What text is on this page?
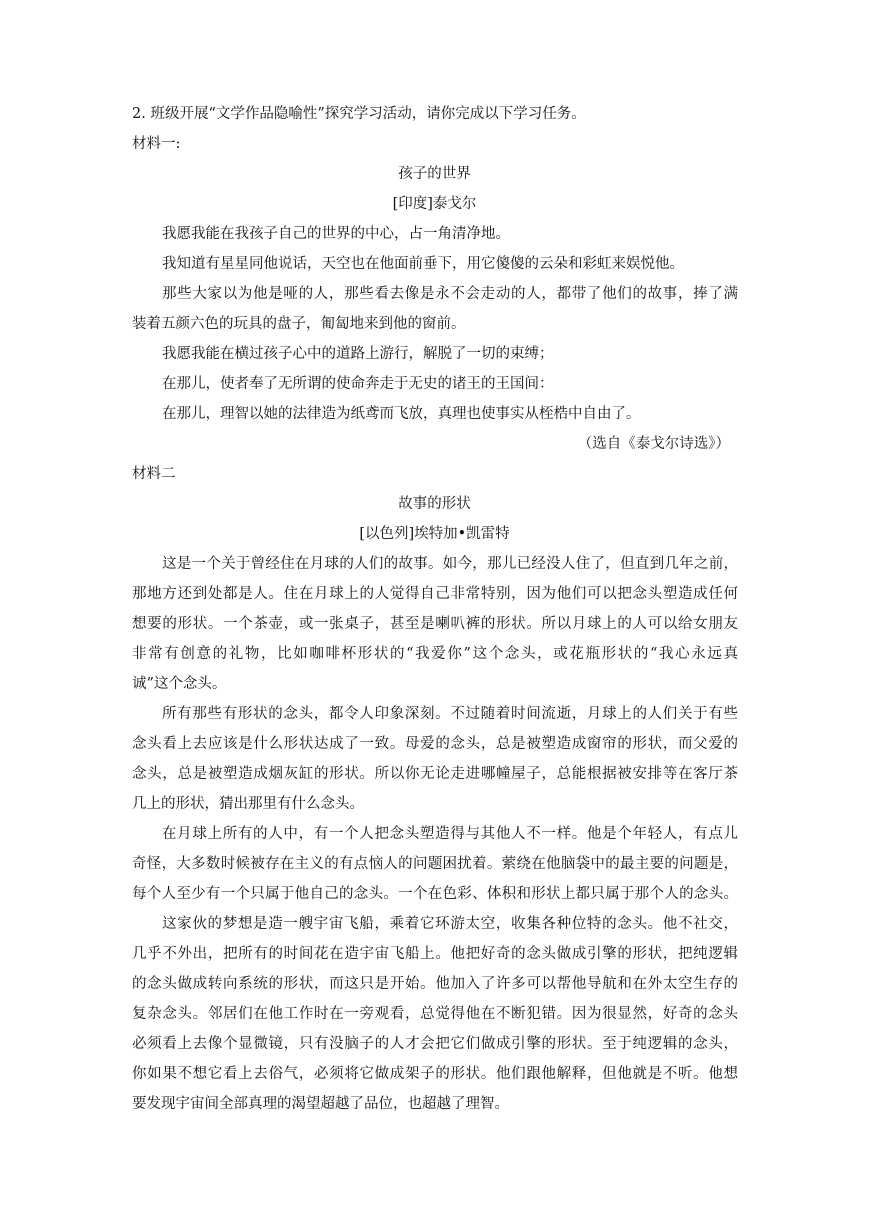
2. 班级开展“文学作品隐喻性”探究学习活动，请你完成以下学习任务。
材料一:
孩子的世界
[印度]泰戈尔
我愿我能在我孩子自己的世界的中心，占一角清净地。
我知道有星星同他说话，天空也在他面前垂下，用它傻傻的云朵和彩虹来娱悦他。
那些大家以为他是哑的人，那些看去像是永不会走动的人，都带了他们的故事，捧了满
装着五颜六色的玩具的盘子，匍匐地来到他的窗前。
我愿我能在横过孩子心中的道路上游行，解脱了一切的束缚；
在那儿，使者奉了无所谓的使命奔走于无史的诸王的王国间：
在那儿，理智以她的法律造为纸鸢而飞放，真理也使事实从桎梏中自由了。
（选自《泰戈尔诗选》）
材料二
故事的形状
[以色列]埃特加•凯雷特
这是一个关于曾经住在月球的人们的故事。如今，那儿已经没人住了，但直到几年之前，
那地方还到处都是人。住在月球上的人觉得自己非常特别，因为他们可以把念头塑造成任何
想要的形状。一个茶壶，或一张桌子，甚至是喇叭裤的形状。所以月球上的人可以给女朋友
非常有创意的礼物，比如咖啡杯形状的“我爱你”这个念头，或花瓶形状的“我心永远真
诚”这个念头。
所有那些有形状的念头，都令人印象深刻。不过随着时间流逝，月球上的人们关于有些
念头看上去应该是什么形状达成了一致。母爱的念头，总是被塑造成窗帘的形状，而父爱的
念头，总是被塑造成烟灰缸的形状。所以你无论走进哪幢屋子，总能根据被安排等在客厅茶
几上的形状，猜出那里有什么念头。
在月球上所有的人中，有一个人把念头塑造得与其他人不一样。他是个年轻人，有点儿
奇怪，大多数时候被存在主义的有点恼人的问题困扰着。萦绕在他脑袋中的最主要的问题是，
每个人至少有一个只属于他自己的念头。一个在色彩、体积和形状上都只属于那个人的念头。
这家伙的梦想是造一艘宇宙飞船，乘着它环游太空，收集各种位特的念头。他不社交，
几乎不外出，把所有的时间花在造宇宙飞船上。他把好奇的念头做成引擎的形状，把纯逻辑
的念头做成转向系统的形状，而这只是开始。他加入了许多可以帮他导航和在外太空生存的
复杂念头。邻居们在他工作时在一旁观看，总觉得他在不断犯错。因为很显然，好奇的念头
必须看上去像个显微镜，只有没脑子的人才会把它们做成引擎的形状。至于纯逻辑的念头，
你如果不想它看上去俗气，必须将它做成架子的形状。他们跟他解释，但他就是不听。他想
要发现宇宙间全部真理的渴望超越了品位，也超越了理智。
